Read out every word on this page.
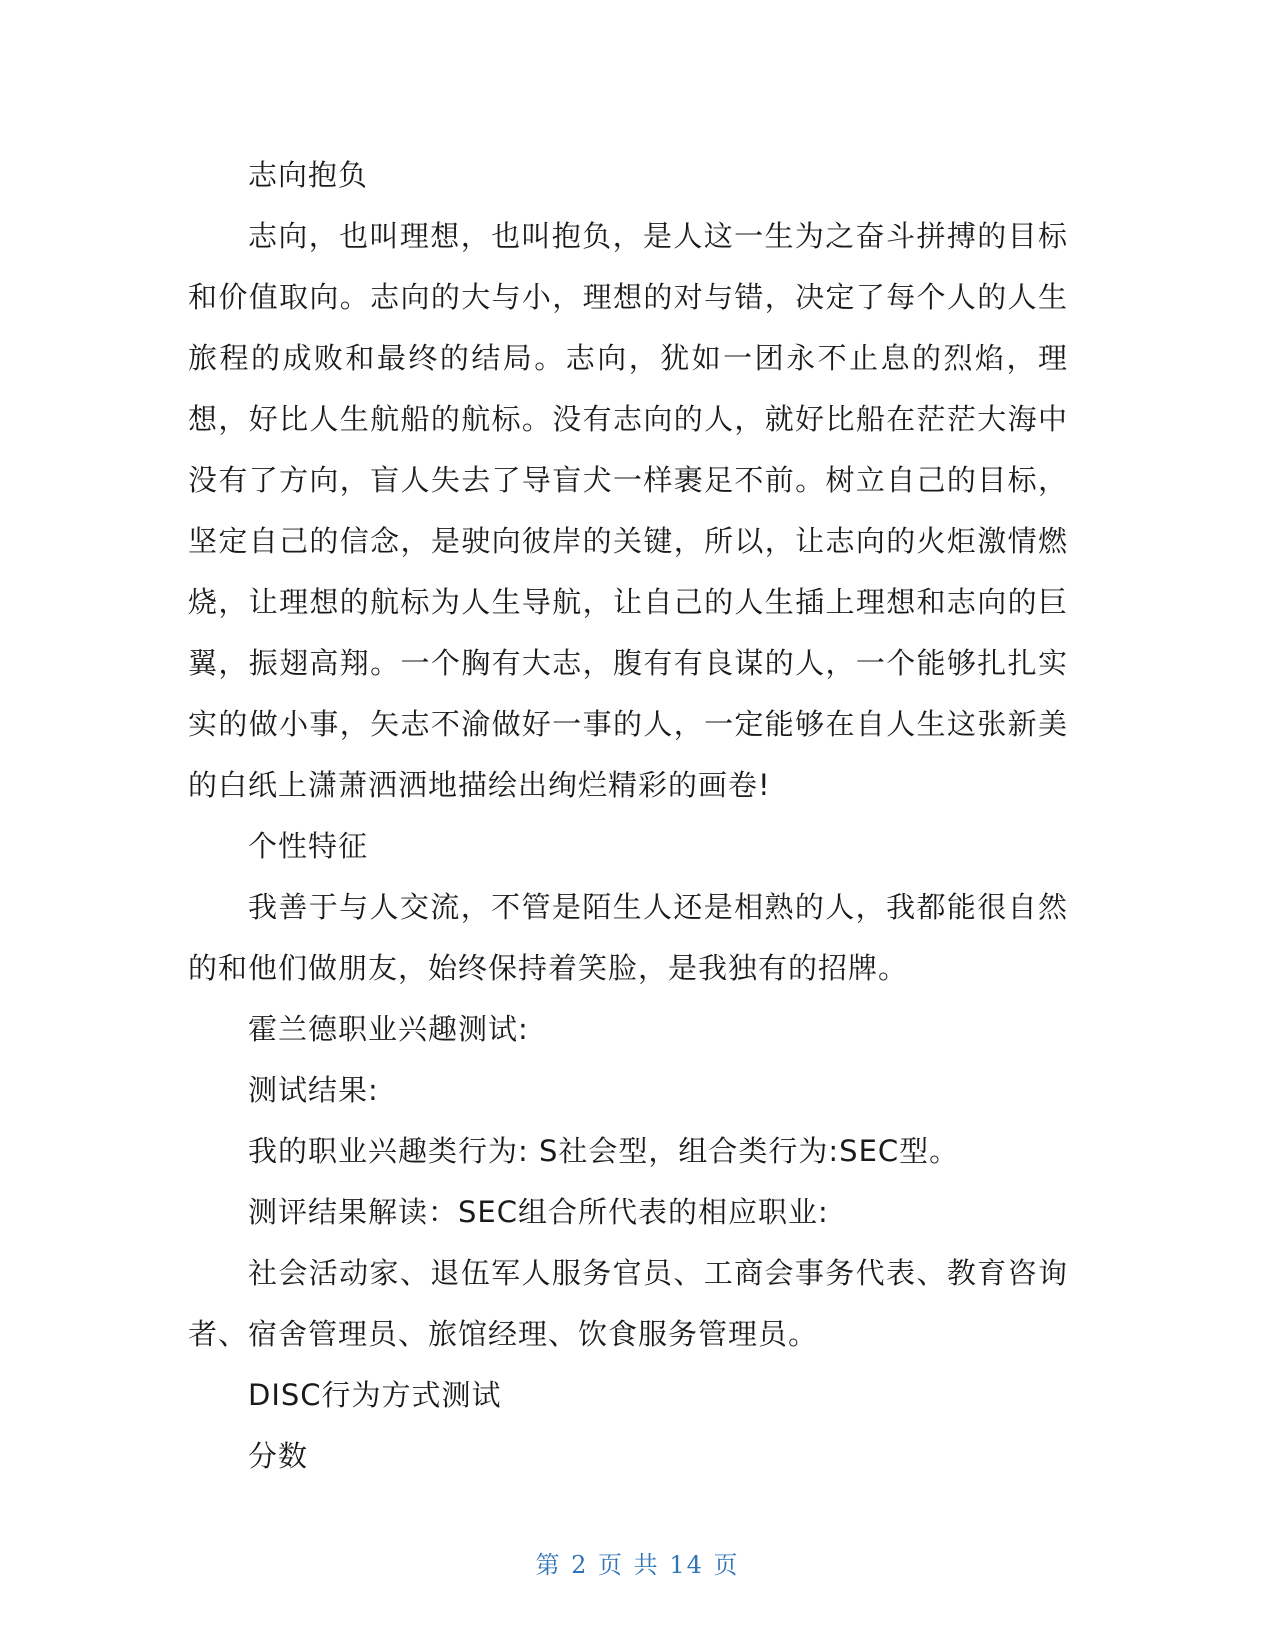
志向抱负

志向，也叫理想，也叫抱负，是人这一生为之奋斗拼搏的目标和价值取向。志向的大与小，理想的对与错，决定了每个人的人生旅程的成败和最终的结局。志向，犹如一团永不止息的烈焰，理想，好比人生航船的航标。没有志向的人，就好比船在茫茫大海中没有了方向，盲人失去了导盲犬一样裹足不前。树立自己的目标，坚定自己的信念，是驶向彼岸的关键，所以，让志向的火炬激情燃烧，让理想的航标为人生导航，让自己的人生插上理想和志向的巨翼，振翅高翔。一个胸有大志，腹有有良谋的人，一个能够扎扎实实的做小事，矢志不渝做好一事的人，一定能够在自人生这张新美的白纸上潇萧洒洒地描绘出绚烂精彩的画卷!

个性特征

我善于与人交流，不管是陌生人还是相熟的人，我都能很自然的和他们做朋友，始终保持着笑脸，是我独有的招牌。

霍兰德职业兴趣测试:

测试结果:

我的职业兴趣类行为: S社会型，组合类行为:SEC型。

测评结果解读：SEC组合所代表的相应职业:

社会活动家、退伍军人服务官员、工商会事务代表、教育咨询者、宿舍管理员、旅馆经理、饮食服务管理员。

DISC行为方式测试

分数

第 2 页 共 14 页
